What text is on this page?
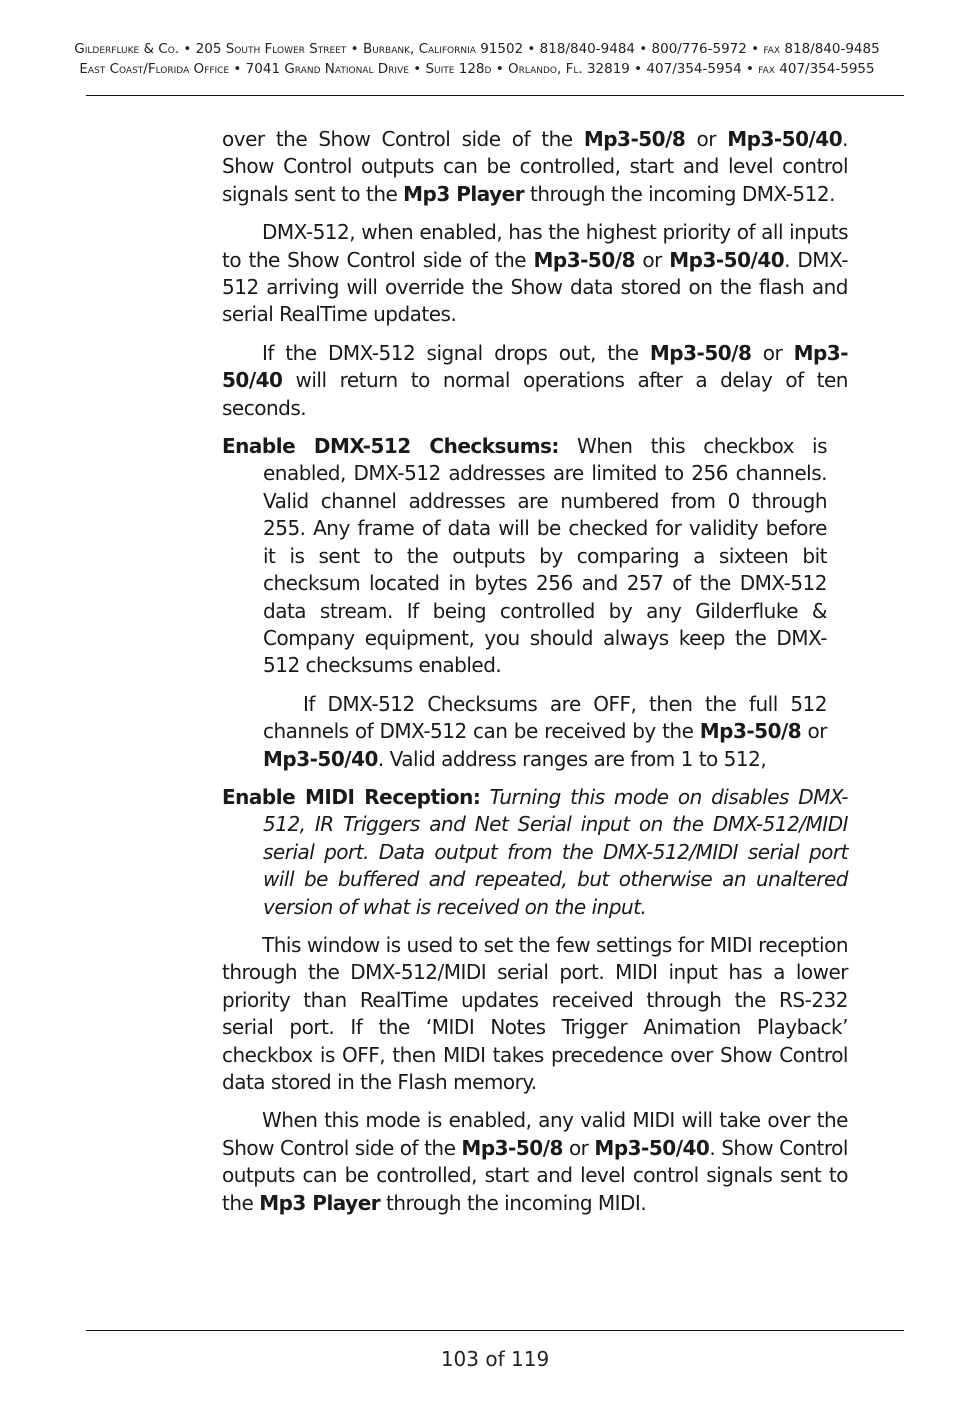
Gilderfluke & Co. • 205 South Flower Street • Burbank, California 91502 • 818/840-9484 • 800/776-5972 • fax 818/840-9485
East Coast/Florida Office • 7041 Grand National Drive • Suite 128d • Orlando, Fl. 32819 • 407/354-5954 • fax 407/354-5955

over the Show Control side of the Mp3-50/8 or Mp3-50/40. Show Control outputs can be controlled, start and level control signals sent to the Mp3 Player through the incoming DMX-512.

DMX-512, when enabled, has the highest priority of all inputs to the Show Control side of the Mp3-50/8 or Mp3-50/40. DMX-512 arriving will override the Show data stored on the flash and serial RealTime updates.

If the DMX-512 signal drops out, the Mp3-50/8 or Mp3-50/40 will return to normal operations after a delay of ten seconds.

Enable DMX-512 Checksums: When this checkbox is enabled, DMX-512 addresses are limited to 256 channels. Valid channel addresses are numbered from 0 through 255. Any frame of data will be checked for validity before it is sent to the outputs by comparing a sixteen bit checksum located in bytes 256 and 257 of the DMX-512 data stream. If being controlled by any Gilderfluke & Company equipment, you should always keep the DMX-512 checksums enabled.

If DMX-512 Checksums are OFF, then the full 512 channels of DMX-512 can be received by the Mp3-50/8 or Mp3-50/40. Valid address ranges are from 1 to 512,

Enable MIDI Reception: Turning this mode on disables DMX-512, IR Triggers and Net Serial input on the DMX-512/MIDI serial port. Data output from the DMX-512/MIDI serial port will be buffered and repeated, but otherwise an unaltered version of what is received on the input.

This window is used to set the few settings for MIDI reception through the DMX-512/MIDI serial port. MIDI input has a lower priority than RealTime updates received through the RS-232 serial port. If the ‘MIDI Notes Trigger Animation Playback’ checkbox is OFF, then MIDI takes precedence over Show Control data stored in the Flash memory.

When this mode is enabled, any valid MIDI will take over the Show Control side of the Mp3-50/8 or Mp3-50/40. Show Control outputs can be controlled, start and level control signals sent to the Mp3 Player through the incoming MIDI.

103 of 119
